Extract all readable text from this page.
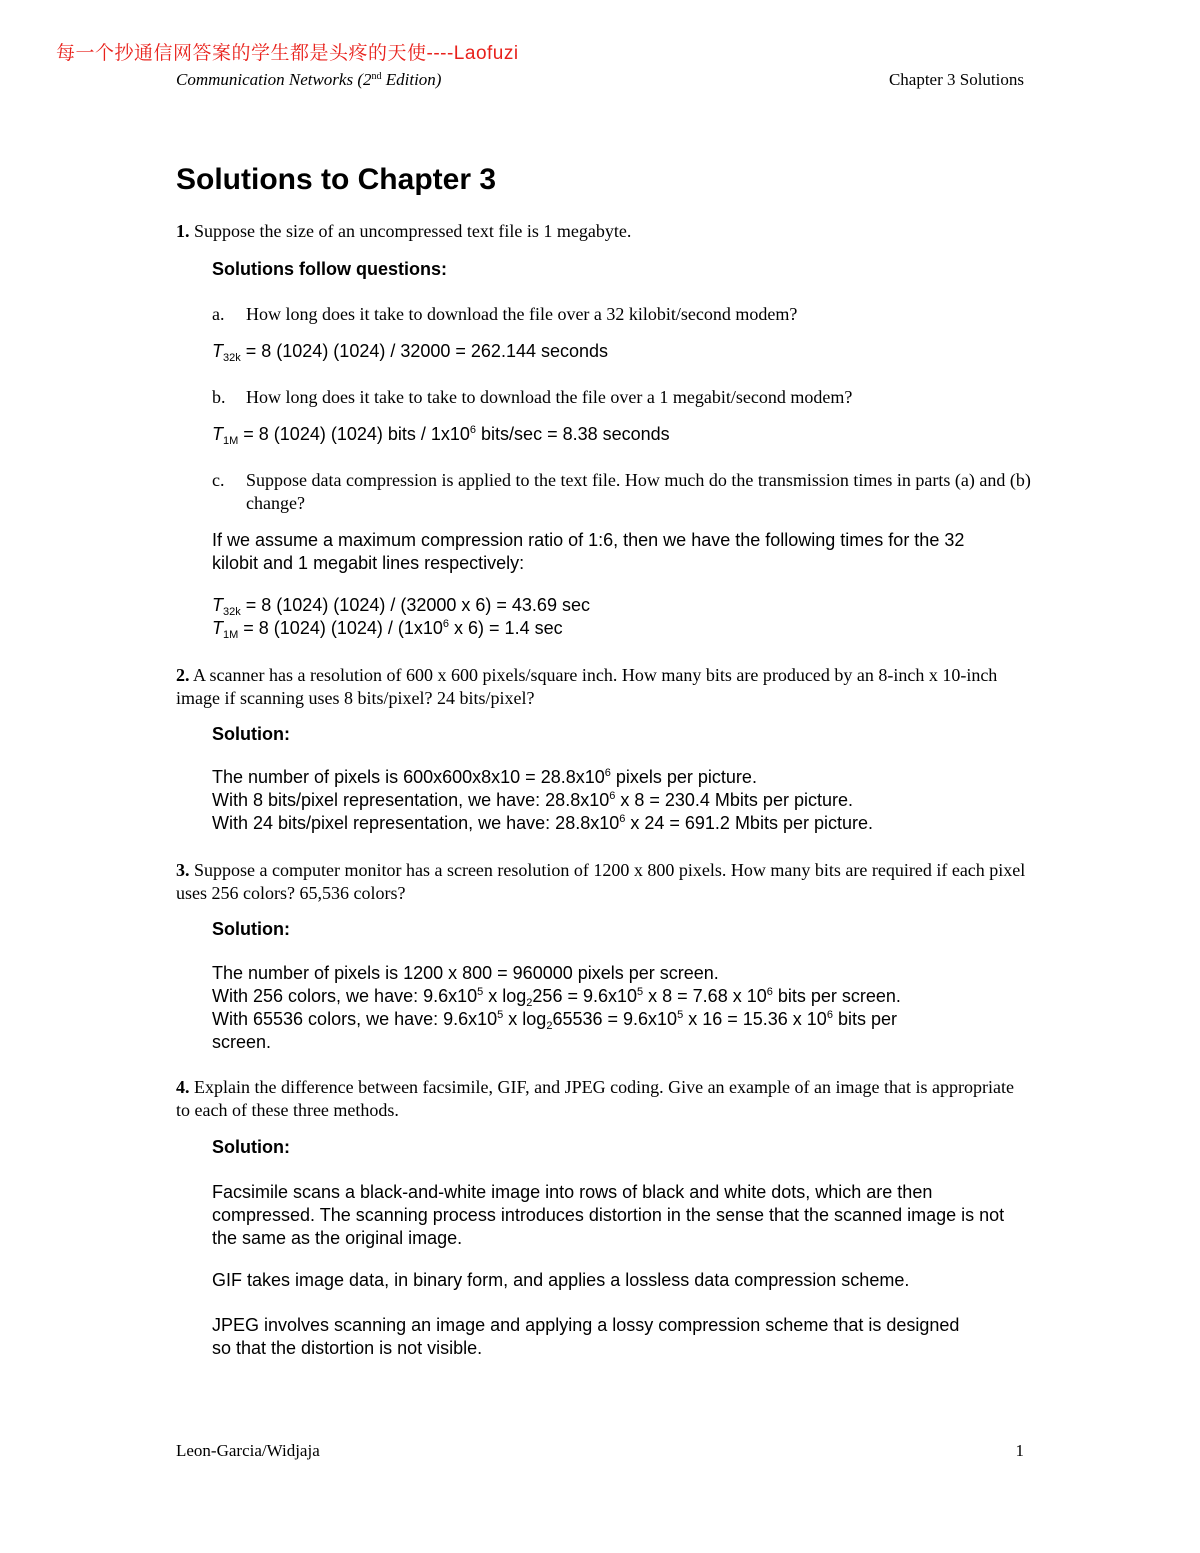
每一个抄通信网答案的学生都是头疼的天使----Laofuzi
Communication Networks (2nd Edition)	Chapter 3 Solutions
Solutions to Chapter 3
1. Suppose the size of an uncompressed text file is 1 megabyte.
Solutions follow questions:
a. How long does it take to download the file over a 32 kilobit/second modem?
$T_{32k} = 8$ (1024) (1024) / 32000 = 262.144 seconds
b. How long does it take to take to download the file over a 1 megabit/second modem?
$T_{1M} = 8$ (1024) (1024) bits / $1x10^6$ bits/sec = 8.38 seconds
c.	Suppose data compression is applied to the text file. How much do the transmission times in parts (a) and (b) change?
If we assume a maximum compression ratio of 1:6, then we have the following times for the 32 kilobit and 1 megabit lines respectively:
$T_{32k} = 8$ (1024) (1024) / (32000 x 6) = 43.69 sec
$T_{1M} = 8$ (1024) $(1024) / (1x10^6$ x 6) = 1.4 sec
2. A scanner has a resolution of 600 x 600 pixels/square inch. How many bits are produced by an 8-inch x 10-inch image if scanning uses 8 bits/pixel? 24 bits/pixel?
Solution:
The number of pixels is $600x600x8x10 = 28.8x10^6$ pixels per picture.
With 8 bits/pixel representation, we have: $28.8x10^6$ x 8 = 230.4 Mbits per picture.
With 24 bits/pixel representation, we have: $28.8x10^6$ x 24 = 691.2 Mbits per picture.
3. Suppose a computer monitor has a screen resolution of 1200 x 800 pixels. How many bits are required if each pixel uses 256 colors? 65,536 colors?
Solution:
The number of pixels is 1200 x 800 = 960000 pixels per screen.
With 256 colors, we have: $9.6x10^5$ x $\log_2256 = 9.6x10^5$ x 8 = 7.68 x $10^6$ bits per screen.
With 65536 colors, we have: $9.6x10^5$ x $\log_265536 = 9.6x10^5$ x 16 = 15.36 x $10^6$ bits per
screen.
4. Explain the difference between facsimile, GIF, and JPEG coding. Give an example of an image that is appropriate to each of these three methods.
Solution:
Facsimile scans a black-and-white image into rows of black and white dots, which are then compressed. The scanning process introduces distortion in the sense that the scanned image is not the same as the original image.
GIF takes image data, in binary form, and applies a lossless data compression scheme.
JPEG involves scanning an image and applying a lossy compression scheme that is designed so that the distortion is not visible.
Leon-Garcia/Widjaja	1
